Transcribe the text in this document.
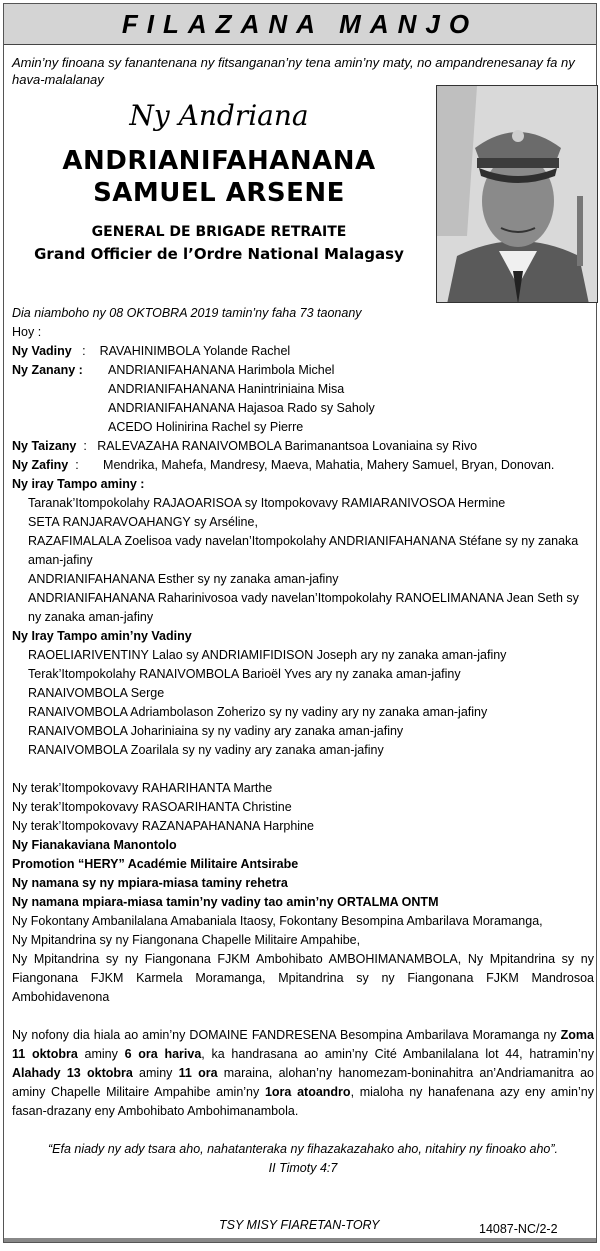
FILAZANA MANJO
Amin’ny finoana sy fanantenana ny fitsanganan’ny tena amin’ny maty, no ampandrenesanay fa ny hava-malalanay
Ny Andriana
ANDRIANIFAHANANA
SAMUEL ARSENE
GENERAL DE BRIGADE RETRAITE
Grand Officier de l’Ordre National Malagasy
Dia niamboho ny 08 OKTOBRA 2019 tamin’ny faha 73 taonany
Hoy :
Ny Vadiny   :    RAVAHINIMBOLA Yolande Rachel
Ny Zanany :	ANDRIANIFAHANANA Harimbola Michel
ANDRIANIFAHANANA Hanintriniaina Misa
ANDRIANIFAHANANA Hajasoa Rado sy Saholy
ACEDO Holinirina Rachel sy Pierre
Ny Taizany  :   RALEVAZAHA RANAIVOMBOLA Barimanantsoa Lovaniaina sy Rivo
Ny Zafiny  :       Mendrika, Mahefa, Mandresy, Maeva, Mahatia, Mahery Samuel, Bryan, Donovan.
Ny iray Tampo aminy :
Taranak’Itompokolahy RAJAOARISOA sy Itompokovavy RAMIARANIVOSOA Hermine
SETA RANJARAVOAHANGY sy Arséline,
RAZAFIMALALA Zoelisoa vady navelan’Itompokolahy ANDRIANIFAHANANA Stéfane sy ny zanaka aman-jafiny
ANDRIANIFAHANANA Esther sy ny zanaka aman-jafiny
ANDRIANIFAHANANA Raharinivosoa vady navelan’Itompokolahy RANOELIMANANA Jean Seth sy ny zanaka aman-jafiny
Ny Iray Tampo amin’ny Vadiny
RAOELIARIVENTINY Lalao sy ANDRIAMIFIDISON Joseph ary ny zanaka aman-jafiny
Terak’Itompokolahy RANAIVOMBOLA Barioël Yves ary ny zanaka aman-jafiny
RANAIVOMBOLA Serge
RANAIVOMBOLA Adriambolason Zoherizo sy ny vadiny ary ny zanaka aman-jafiny
RANAIVOMBOLA Johariniaina sy ny vadiny ary zanaka aman-jafiny
RANAIVOMBOLA Zoarilala sy ny vadiny ary zanaka aman-jafiny
Ny terak’Itompokovavy RAHARIHANTA Marthe
Ny terak’Itompokovavy RASOARIHANTA Christine
Ny terak’Itompokovavy RAZANAPAHANANA Harphine
Ny Fianakaviana Manontolo
Promotion “HERY” Académie Militaire Antsirabe
Ny namana sy ny mpiara-miasa taminy rehetra
Ny namana mpiara-miasa tamin’ny vadiny tao amin’ny ORTALMA ONTM
Ny Fokontany Ambanilalana Amabaniala Itaosy, Fokontany Besompina Ambarilava Moramanga,
Ny Mpitandrina sy ny Fiangonana Chapelle Militaire Ampahibe,
Ny Mpitandrina sy ny Fiangonana FJKM Ambohibato AMBOHIMANAMBOLA, Ny Mpitandrina sy ny Fiangonana FJKM Karmela Moramanga, Mpitandrina sy ny Fiangonana FJKM Mandrosoa Ambohidavenona
Ny nofony dia hiala ao amin’ny DOMAINE FANDRESENA Besompina Ambarilava Moramanga ny Zoma 11 oktobra aminy 6 ora hariva, ka handrasana ao amin’ny Cité Ambanilalana lot 44, hatramin’ny Alahady 13 oktobra aminy 11 ora maraina, alohan’ny hanomezam-boninahitra an’Andriamanitra ao aminy Chapelle Militaire Ampahibe amin’ny 1ora atoandro, mialoha ny hanafenana azy eny amin’ny fasan-drazany eny Ambohibato Ambohimanambola.
“Efa niady ny ady tsara aho, nahatanteraka ny fihazakazahako aho, nitahiry ny finoako aho”.
II Timoty 4:7
TSY MISY FIARETAN-TORY	14087-NC/2-2
